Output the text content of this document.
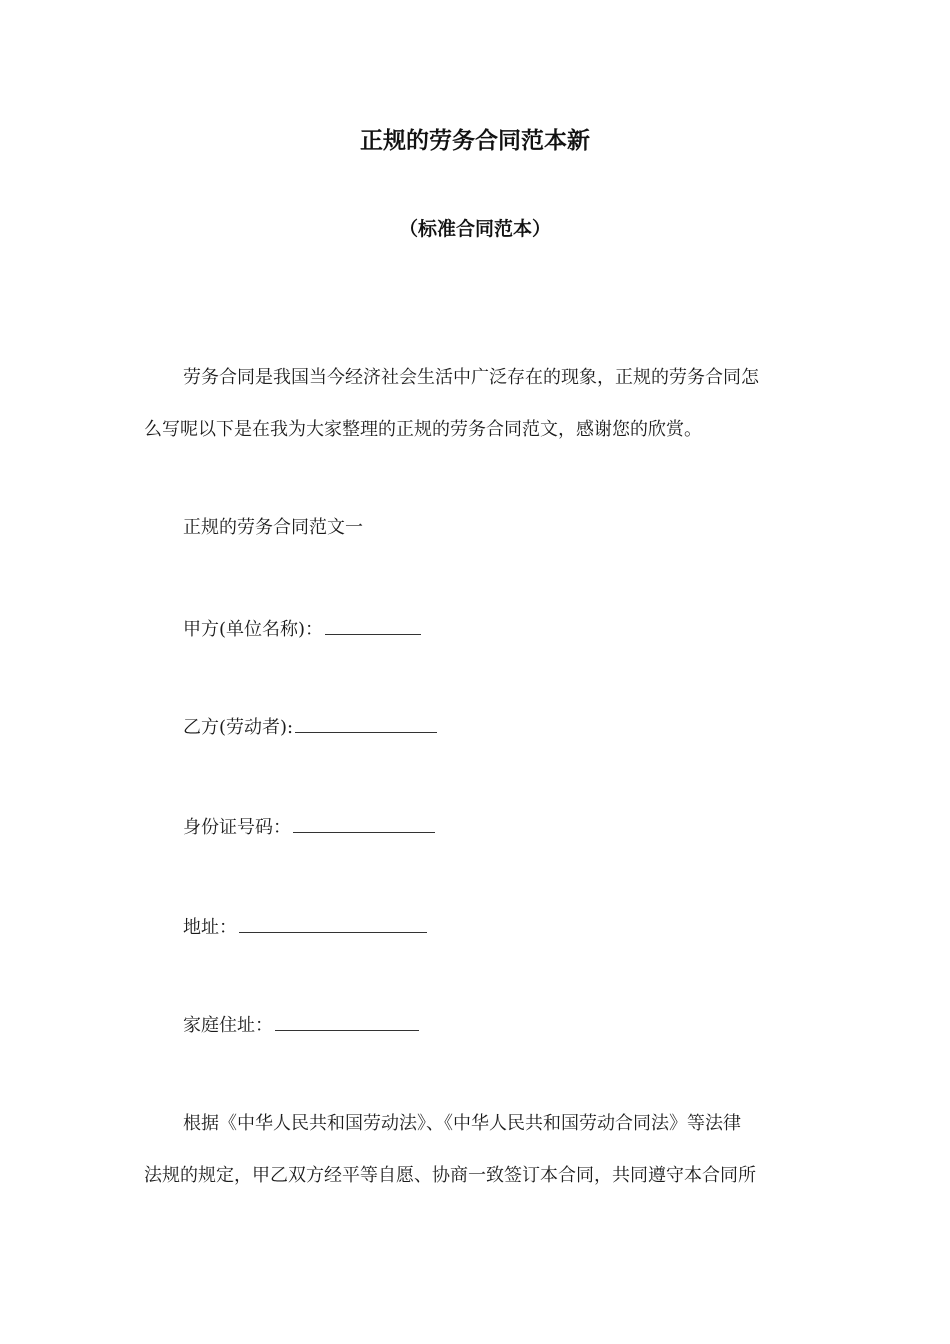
正规的劳务合同范本新
（标准合同范本）
劳务合同是我国当今经济社会生活中广泛存在的现象，正规的劳务合同怎
么写呢以下是在我为大家整理的正规的劳务合同范文，感谢您的欣赏。
正规的劳务合同范文一
甲方(单位名称)：
乙方(劳动者):
身份证号码：
地址：
家庭住址：
根据《中华人民共和国劳动法》、《中华人民共和国劳动合同法》等法律
法规的规定，甲乙双方经平等自愿、协商一致签订本合同，共同遵守本合同所
